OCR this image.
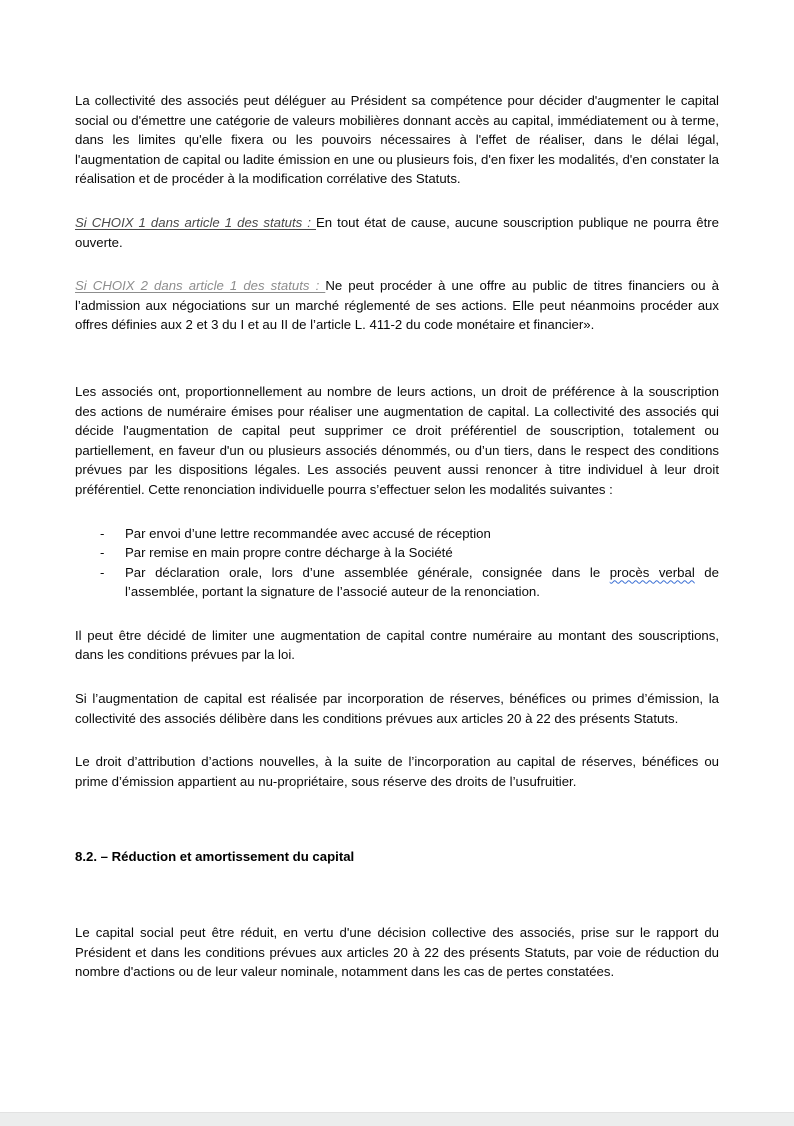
La collectivité des associés peut déléguer au Président sa compétence pour décider d'augmenter le capital social ou d'émettre une catégorie de valeurs mobilières donnant accès au capital, immédiatement ou à terme, dans les limites qu'elle fixera ou les pouvoirs nécessaires à l'effet de réaliser, dans le délai légal, l'augmentation de capital ou ladite émission en une ou plusieurs fois, d'en fixer les modalités, d'en constater la réalisation et de procéder à la modification corrélative des Statuts.

Si CHOIX 1 dans article 1 des statuts : En tout état de cause, aucune souscription publique ne pourra être ouverte.

Si CHOIX 2 dans article 1 des statuts : Ne peut procéder à une offre au public de titres financiers ou à l’admission aux négociations sur un marché réglementé de ses actions. Elle peut néanmoins procéder aux offres définies aux 2 et 3 du I et au II de l’article L. 411-2 du code monétaire et financier».

Les associés ont, proportionnellement au nombre de leurs actions, un droit de préférence à la souscription des actions de numéraire émises pour réaliser une augmentation de capital. La collectivité des associés qui décide l'augmentation de capital peut supprimer ce droit préférentiel de souscription, totalement ou partiellement, en faveur d'un ou plusieurs associés dénommés, ou d’un tiers, dans le respect des conditions prévues par les dispositions légales. Les associés peuvent aussi renoncer à titre individuel à leur droit préférentiel. Cette renonciation individuelle pourra s’effectuer selon les modalités suivantes :

- Par envoi d’une lettre recommandée avec accusé de réception
- Par remise en main propre contre décharge à la Société
- Par déclaration orale, lors d’une assemblée générale, consignée dans le procès verbal de l’assemblée, portant la signature de l’associé auteur de la renonciation.

Il peut être décidé de limiter une augmentation de capital contre numéraire au montant des souscriptions, dans les conditions prévues par la loi.

Si l’augmentation de capital est réalisée par incorporation de réserves, bénéfices ou primes d’émission, la collectivité des associés délibère dans les conditions prévues aux articles 20 à 22 des présents Statuts.

Le droit d’attribution d’actions nouvelles, à la suite de l’incorporation au capital de réserves, bénéfices ou prime d’émission appartient au nu-propriétaire, sous réserve des droits de l’usufruitier.

8.2. – Réduction et amortissement du capital

Le capital social peut être réduit, en vertu d'une décision collective des associés, prise sur le rapport du Président et dans les conditions prévues aux articles 20 à 22 des présents Statuts, par voie de réduction du nombre d'actions ou de leur valeur nominale, notamment dans les cas de pertes constatées.
